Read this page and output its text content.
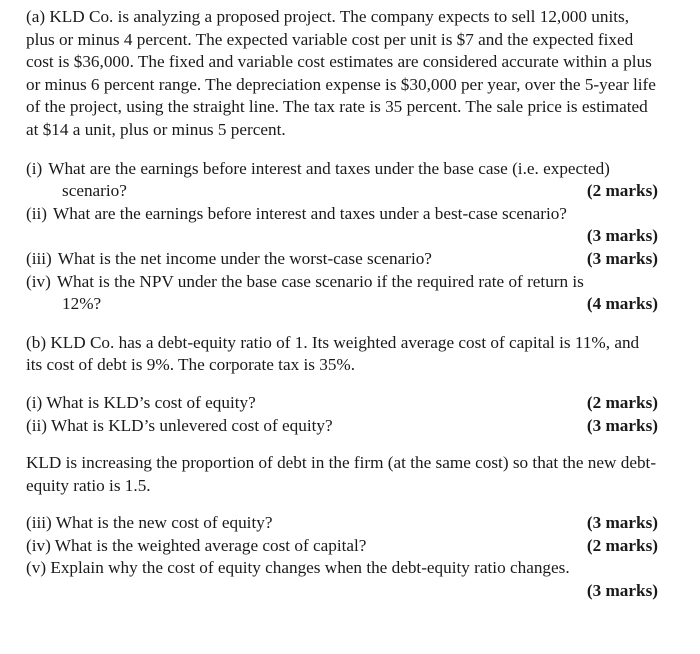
(a) KLD Co. is analyzing a proposed project. The company expects to sell 12,000 units, plus or minus 4 percent. The expected variable cost per unit is $7 and the expected fixed cost is $36,000. The fixed and variable cost estimates are considered accurate within a plus or minus 6 percent range. The depreciation expense is $30,000 per year, over the 5-year life of the project, using the straight line. The tax rate is 35 percent. The sale price is estimated at $14 a unit, plus or minus 5 percent.

(i) What are the earnings before interest and taxes under the base case (i.e. expected)
scenario?	(2 marks)
(ii) What are the earnings before interest and taxes under a best-case scenario?
(3 marks)
(iii) What is the net income under the worst-case scenario?	(3 marks)
(iv) What is the NPV under the base case scenario if the required rate of return is
12%?	(4 marks)

(b) KLD Co. has a debt-equity ratio of 1. Its weighted average cost of capital is 11%, and its cost of debt is 9%. The corporate tax is 35%.

(i) What is KLD’s cost of equity?	(2 marks)
(ii) What is KLD’s unlevered cost of equity?	(3 marks)

KLD is increasing the proportion of debt in the firm (at the same cost) so that the new debt-equity ratio is 1.5.

(iii) What is the new cost of equity?	(3 marks)
(iv) What is the weighted average cost of capital?	(2 marks)
(v) Explain why the cost of equity changes when the debt-equity ratio changes.
(3 marks)
